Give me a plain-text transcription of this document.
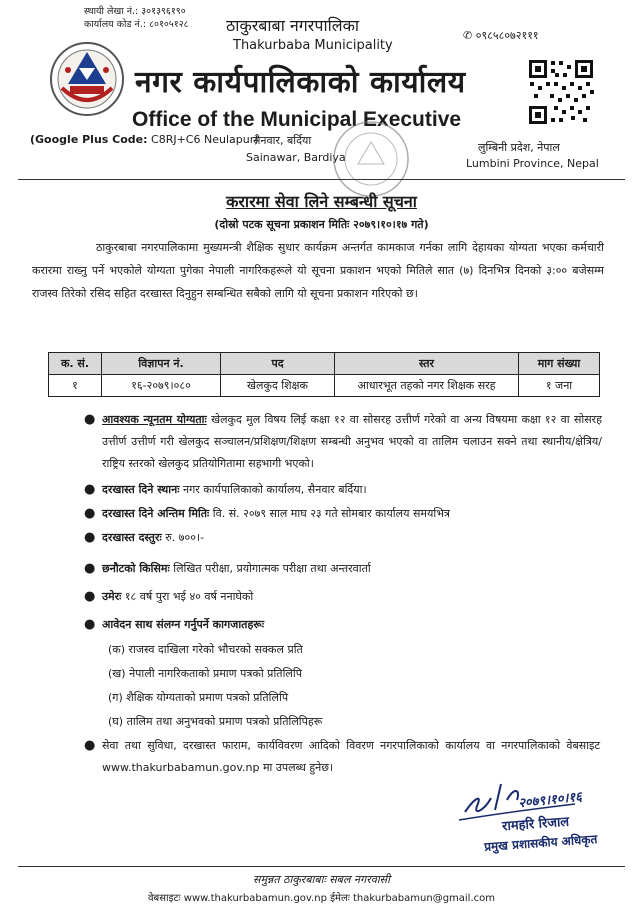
स्थायी लेखा नं.: ३०१३९६१९०
कार्यालय कोड नं.: ८०१०५१२८ ठाकुरबाबा नगरपालिका
✆ ०९८५८०७२१११
Thakurbaba Municipality
नगर कार्यपालिकाको कार्यालय
Office of the Municipal Executive
(Google Plus Code: C8RJ+C6 Neulapur)
सैनवार, बर्दिया
Sainawar, Bardiya
लुम्बिनी प्रदेश, नेपाल
Lumbini Province, Nepal
करारमा सेवा लिने सम्बन्धी सूचना
(दोस्रो पटक सूचना प्रकाशन मितिः २०७९।१०।१७ गते)
ठाकुरबाबा नगरपालिकामा मुख्यमन्त्री शैक्षिक सुधार कार्यक्रम अन्तर्गत कामकाज गर्नका लागि देहायका योग्यता भएका कर्मचारी करारमा राख्नु पर्ने भएकोले योग्यता पुगेका नेपाली नागरिकहरूले यो सूचना प्रकाशन भएको मितिले सात (७) दिनभित्र दिनको ३:०० बजेसम्म राजस्व तिरेको रसिद सहित दरखास्त दिनुहुन सम्बन्धित सबैको लागि यो सूचना प्रकाशन गरिएको छ।
क. सं.	विज्ञापन नं.	पद	स्तर	माग संख्या
१	१६-२०७९।०८०	खेलकुद शिक्षक	आधारभूत तहको नगर शिक्षक सरह	१ जना
● आवश्यक न्यूनतम योग्यताः खेलकुद मुल विषय लिई कक्षा १२ वा सोसरह उत्तीर्ण गरेको वा अन्य विषयमा कक्षा १२ वा सोसरह उत्तीर्ण उत्तीर्ण गरी खेलकुद सञ्चालन/प्रशिक्षण/शिक्षण सम्बन्धी अनुभव भएको वा तालिम चलाउन सक्ने तथा स्थानीय/क्षेत्रिय/राष्ट्रिय स्तरको खेलकुद प्रतियोगितामा सहभागी भएको।
● दरखास्त दिने स्थानः नगर कार्यपालिकाको कार्यालय, सैनवार बर्दिया।
● दरखास्त दिने अन्तिम मितिः वि. सं. २०७९ साल माघ २३ गते सोमबार कार्यालय समयभित्र
● दरखास्त दस्तुरः रु. ७००।-
● छनौटको किसिमः लिखित परीक्षा, प्रयोगात्मक परीक्षा तथा अन्तरवार्ता
● उमेरः १८ वर्ष पुरा भई ४० वर्ष ननाघेको
● आवेदन साथ संलग्न गर्नुपर्ने कागजातहरूः
(क) राजस्व दाखिला गरेको भौचरको सक्कल प्रति
(ख) नेपाली नागरिकताको प्रमाण पत्रको प्रतिलिपि
(ग) शैक्षिक योग्यताको प्रमाण पत्रको प्रतिलिपि
(घ) तालिम तथा अनुभवको प्रमाण पत्रको प्रतिलिपिहरू
● सेवा तथा सुविधा, दरखास्त फाराम, कार्यविवरण आदिको विवरण नगरपालिकाको कार्यालय वा नगरपालिकाको वेबसाइट www.thakurbabamun.gov.np मा उपलब्ध हुनेछ।
२०७९।१०।१६
रामहरि रिजाल
प्रमुख प्रशासकीय अधिकृत
समुन्नत ठाकुरबाबाः सबल नगरवासी
वेबसाइटः www.thakurbabamun.gov.np ईमेलः thakurbabamun@gmail.com
